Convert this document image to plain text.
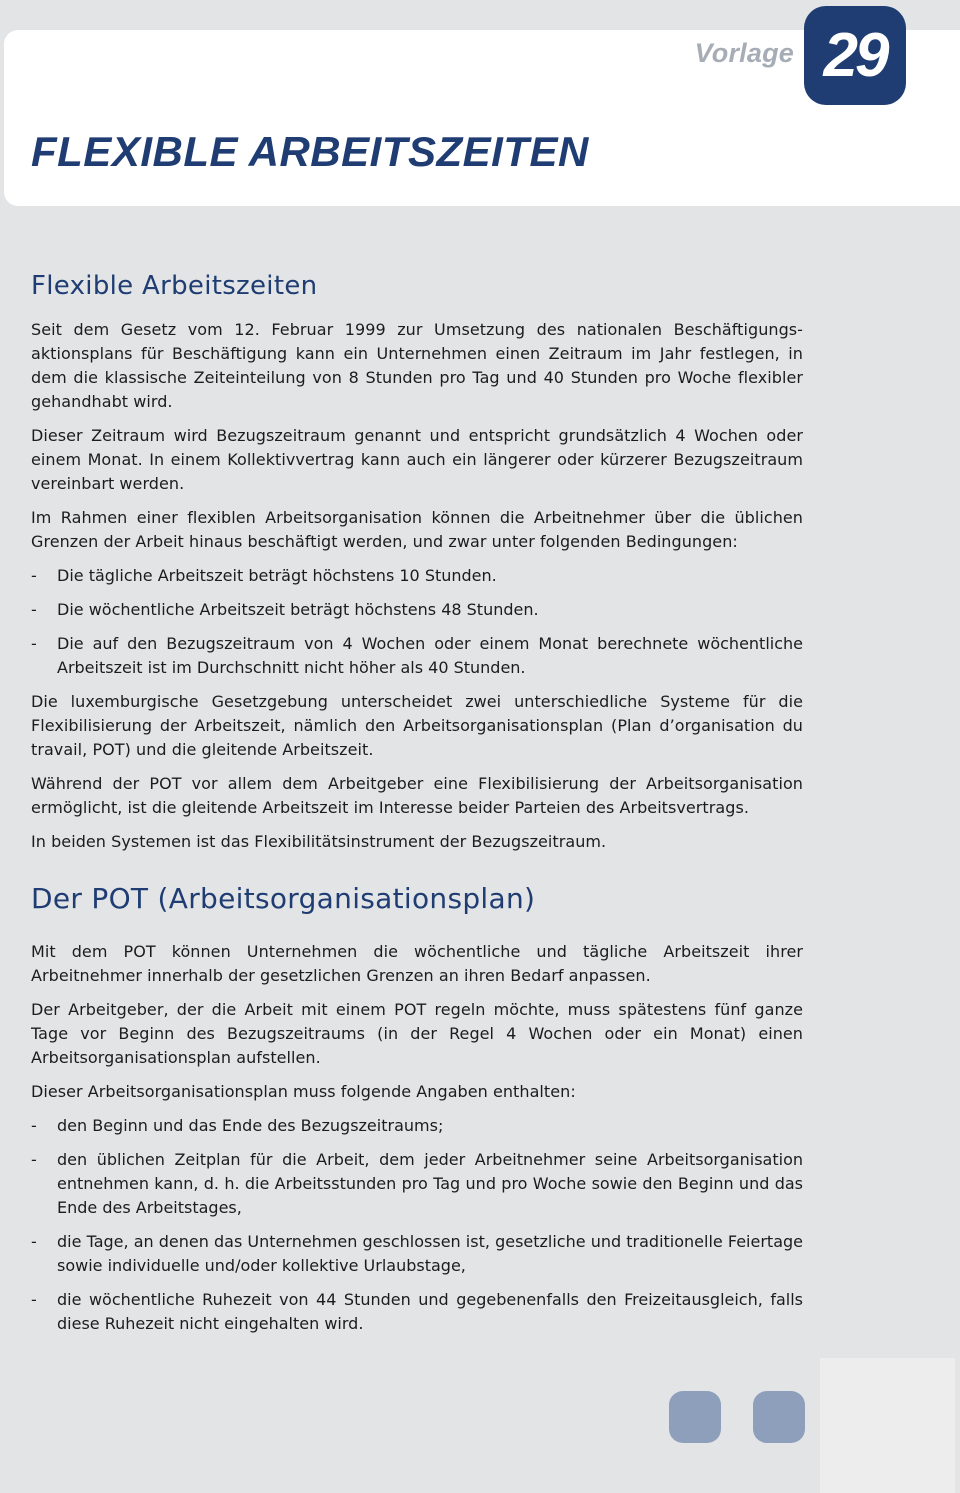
Vorlage
FLEXIBLE ARBEITSZEITEN
29
Flexible Arbeitszeiten

Seit dem Gesetz vom 12. Februar 1999 zur Umsetzung des nationalen Beschäftigungs-aktionsplans für Beschäftigung kann ein Unternehmen einen Zeitraum im Jahr festlegen, in dem die klassische Zeiteinteilung von 8 Stunden pro Tag und 40 Stunden pro Woche flexibler gehandhabt wird.

Dieser Zeitraum wird Bezugszeitraum genannt und entspricht grundsätzlich 4 Wochen oder einem Monat. In einem Kollektivvertrag kann auch ein längerer oder kürzerer Bezugszeitraum vereinbart werden.

Im Rahmen einer flexiblen Arbeitsorganisation können die Arbeitnehmer über die üblichen Grenzen der Arbeit hinaus beschäftigt werden, und zwar unter folgenden Bedingungen:

- Die tägliche Arbeitszeit beträgt höchstens 10 Stunden.
- Die wöchentliche Arbeitszeit beträgt höchstens 48 Stunden.
- Die auf den Bezugszeitraum von 4 Wochen oder einem Monat berechnete wöchentliche Arbeitszeit ist im Durchschnitt nicht höher als 40 Stunden.

Die luxemburgische Gesetzgebung unterscheidet zwei unterschiedliche Systeme für die Flexibilisierung der Arbeitszeit, nämlich den Arbeitsorganisationsplan (Plan d’organisation du travail, POT) und die gleitende Arbeitszeit.

Während der POT vor allem dem Arbeitgeber eine Flexibilisierung der Arbeitsorganisation ermöglicht, ist die gleitende Arbeitszeit im Interesse beider Parteien des Arbeitsvertrags.

In beiden Systemen ist das Flexibilitätsinstrument der Bezugszeitraum.

Der POT (Arbeitsorganisationsplan)

Mit dem POT können Unternehmen die wöchentliche und tägliche Arbeitszeit ihrer Arbeitnehmer innerhalb der gesetzlichen Grenzen an ihren Bedarf anpassen.

Der Arbeitgeber, der die Arbeit mit einem POT regeln möchte, muss spätestens fünf ganze Tage vor Beginn des Bezugszeitraums (in der Regel 4 Wochen oder ein Monat) einen Arbeitsorganisationsplan aufstellen.

Dieser Arbeitsorganisationsplan muss folgende Angaben enthalten:

- den Beginn und das Ende des Bezugszeitraums;
- den üblichen Zeitplan für die Arbeit, dem jeder Arbeitnehmer seine Arbeitsorganisation entnehmen kann, d. h. die Arbeitsstunden pro Tag und pro Woche sowie den Beginn und das Ende des Arbeitstages,
- die Tage, an denen das Unternehmen geschlossen ist, gesetzliche und traditionelle Feiertage sowie individuelle und/oder kollektive Urlaubstage,
- die wöchentliche Ruhezeit von 44 Stunden und gegebenenfalls den Freizeitausgleich, falls diese Ruhezeit nicht eingehalten wird.
